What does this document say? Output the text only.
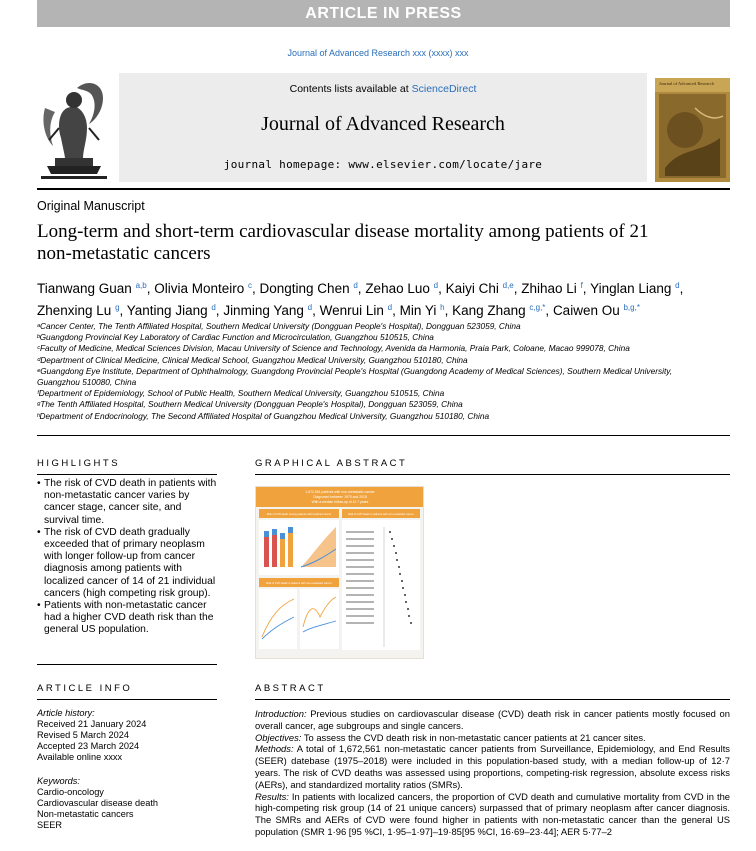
ARTICLE IN PRESS
Journal of Advanced Research xxx (xxxx) xxx
Contents lists available at ScienceDirect
Journal of Advanced Research
journal homepage: www.elsevier.com/locate/jare
Journal of Advanced Research
Original Manuscript
Long-term and short-term cardiovascular disease mortality among patients of 21 non-metastatic cancers
Tianwang Guan $^{a,b}$, Olivia Monteiro $^c$, Dongting Chen $^d$, Zehao Luo $^d$, Kaiyi Chi $^{d,e}$, Zhihao Li $^f$, Yinglan Liang $^d$, Zhenxing Lu $^g$, Yanting Jiang $^d$, Jinming Yang $^d$, Wenrui Lin $^d$, Min Yi $^h$, Kang Zhang $^{c,g,*}$, Caiwen Ou $^{b,g,*}$

ᵃCancer Center, The Tenth Affiliated Hospital, Southern Medical University (Dongguan People's Hospital), Dongguan 523059, China

ᵇGuangdong Provincial Key Laboratory of Cardiac Function and Microcirculation, Guangzhou 510515, China

ᶜFaculty of Medicine, Medical Sciences Division, Macau University of Science and Technology, Avenida da Harmonia, Praia Park, Coloane, Macao 999078, China

ᵈDepartment of Clinical Medicine, Clinical Medical School, Guangzhou Medical University, Guangzhou 510180, China

ᵉGuangdong Eye Institute, Department of Ophthalmology, Guangdong Provincial People's Hospital (Guangdong Academy of Medical Sciences), Southern Medical University, Guangzhou 510080, China

ᶠDepartment of Epidemiology, School of Public Health, Southern Medical University, Guangzhou 510515, China

ᵍThe Tenth Affiliated Hospital, Southern Medical University (Dongguan People's Hospital), Dongguan 523059, China

ʰDepartment of Endocrinology, The Second Affiliated Hospital of Guangzhou Medical University, Guangzhou 510180, China

HIGHLIGHTS
• The risk of CVD death in patients with non-metastatic cancer varies by cancer stage, cancer site, and survival time.
• The risk of CVD death gradually exceeded that of primary neoplasm with longer follow-up from cancer diagnosis among patients with localized cancer of 14 of 21 individual cancers (high competing risk group).
• Patients with non-metastatic cancer had a higher CVD death risk than the general US population.
GRAPHICAL ABSTRACT
1,672,561 patients with non-metastatic cancer
Diagnosed between 1975 and 2018
With a median follow-up of 12.7 years
Risk of CVD death among patients with localized cancer	Risk of CVD death in patients with non-metastatic cancer
Risk of CVD death in patients with non-metastatic cancer
ARTICLE INFO
Article history:
Received 21 January 2024
Revised 5 March 2024
Accepted 23 March 2024
Available online xxxx
Keywords:
Cardio-oncology
Cardiovascular disease death
Non-metastatic cancers
SEER
ABSTRACT

Introduction: Previous studies on cardiovascular disease (CVD) death risk in cancer patients mostly focused on overall cancer, age subgroups and single cancers.

Objectives: To assess the CVD death risk in non-metastatic cancer patients at 21 cancer sites.

Methods: A total of 1,672,561 non-metastatic cancer patients from Surveillance, Epidemiology, and End Results (SEER) datebase (1975–2018) were included in this population-based study, with a median follow-up of 12·7 years. The risk of CVD deaths was assessed using proportions, competing-risk regression, absolute excess risks (AERs), and standardized mortality ratios (SMRs).

Results: In patients with localized cancers, the proportion of CVD death and cumulative mortality from CVD in the high-competing risk group (14 of 21 unique cancers) surpassed that of primary neoplasm after cancer diagnosis. The SMRs and AERs of CVD were found higher in patients with non-metastatic cancer than the general US population (SMR 1·96 [95 %CI, 1·95–1·97]–19·85[95 %CI, 16·69–23·44]; AER 5·77–2
